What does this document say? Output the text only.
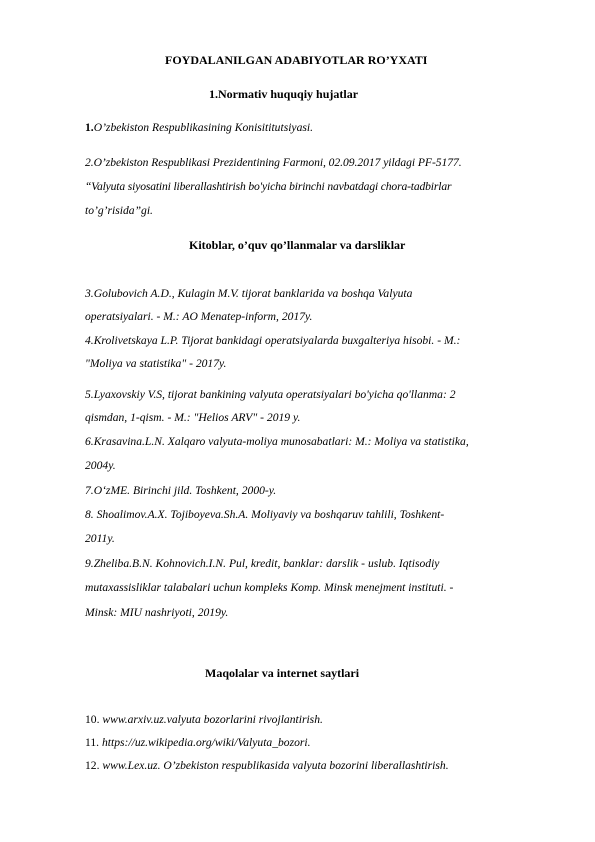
FOYDALANILGAN ADABIYOTLAR RO’YXATI
1.Normativ huquqiy hujatlar
1.O’zbekiston Respublikasining Konisititutsiyasi.
2.O’zbekiston Respublikasi Prezidentining Farmoni, 02.09.2017 yildagi PF-5177.
“Valyuta siyosatini liberallashtirish bo'yicha birinchi navbatdagi chora-tadbirlar
to’g’risida”gi.
Kitoblar, o’quv qo’llanmalar va darsliklar
3.Golubovich A.D., Kulagin M.V. tijorat banklarida va boshqa Valyuta
operatsiyalari. - M.: AO Menatep-inform, 2017y.
4.Krolivetskaya L.P. Tijorat bankidagi operatsiyalarda buxgalteriya hisobi. - M.:
"Moliya va statistika" - 2017y.
5.Lyaxovskiy V.S, tijorat bankining valyuta operatsiyalari bo'yicha qo'llanma: 2
qismdan, 1-qism. - M.: "Helios ARV" - 2019 y.
6.Krasavina.L.N. Xalqaro valyuta-moliya munosabatlari: M.: Moliya va statistika,
2004y.
7.O‘zME. Birinchi jild. Toshkent, 2000-y.
8. Shoalimov.A.X. Tojiboyeva.Sh.A. Moliyaviy va boshqaruv tahlili, Toshkent-
2011y.
9.Zheliba.B.N. Kohnovich.I.N. Pul, kredit, banklar: darslik - uslub. Iqtisodiy
mutaxassisliklar talabalari uchun kompleks Komp. Minsk menejment instituti. -
Minsk: MIU nashriyoti, 2019y.
Maqolalar va internet saytlari
10. www.arxiv.uz.valyuta bozorlarini rivojlantirish.
11. https://uz.wikipedia.org/wiki/Valyuta_bozori.
12. www.Lex.uz. O’zbekiston respublikasida valyuta bozorini liberallashtirish.
